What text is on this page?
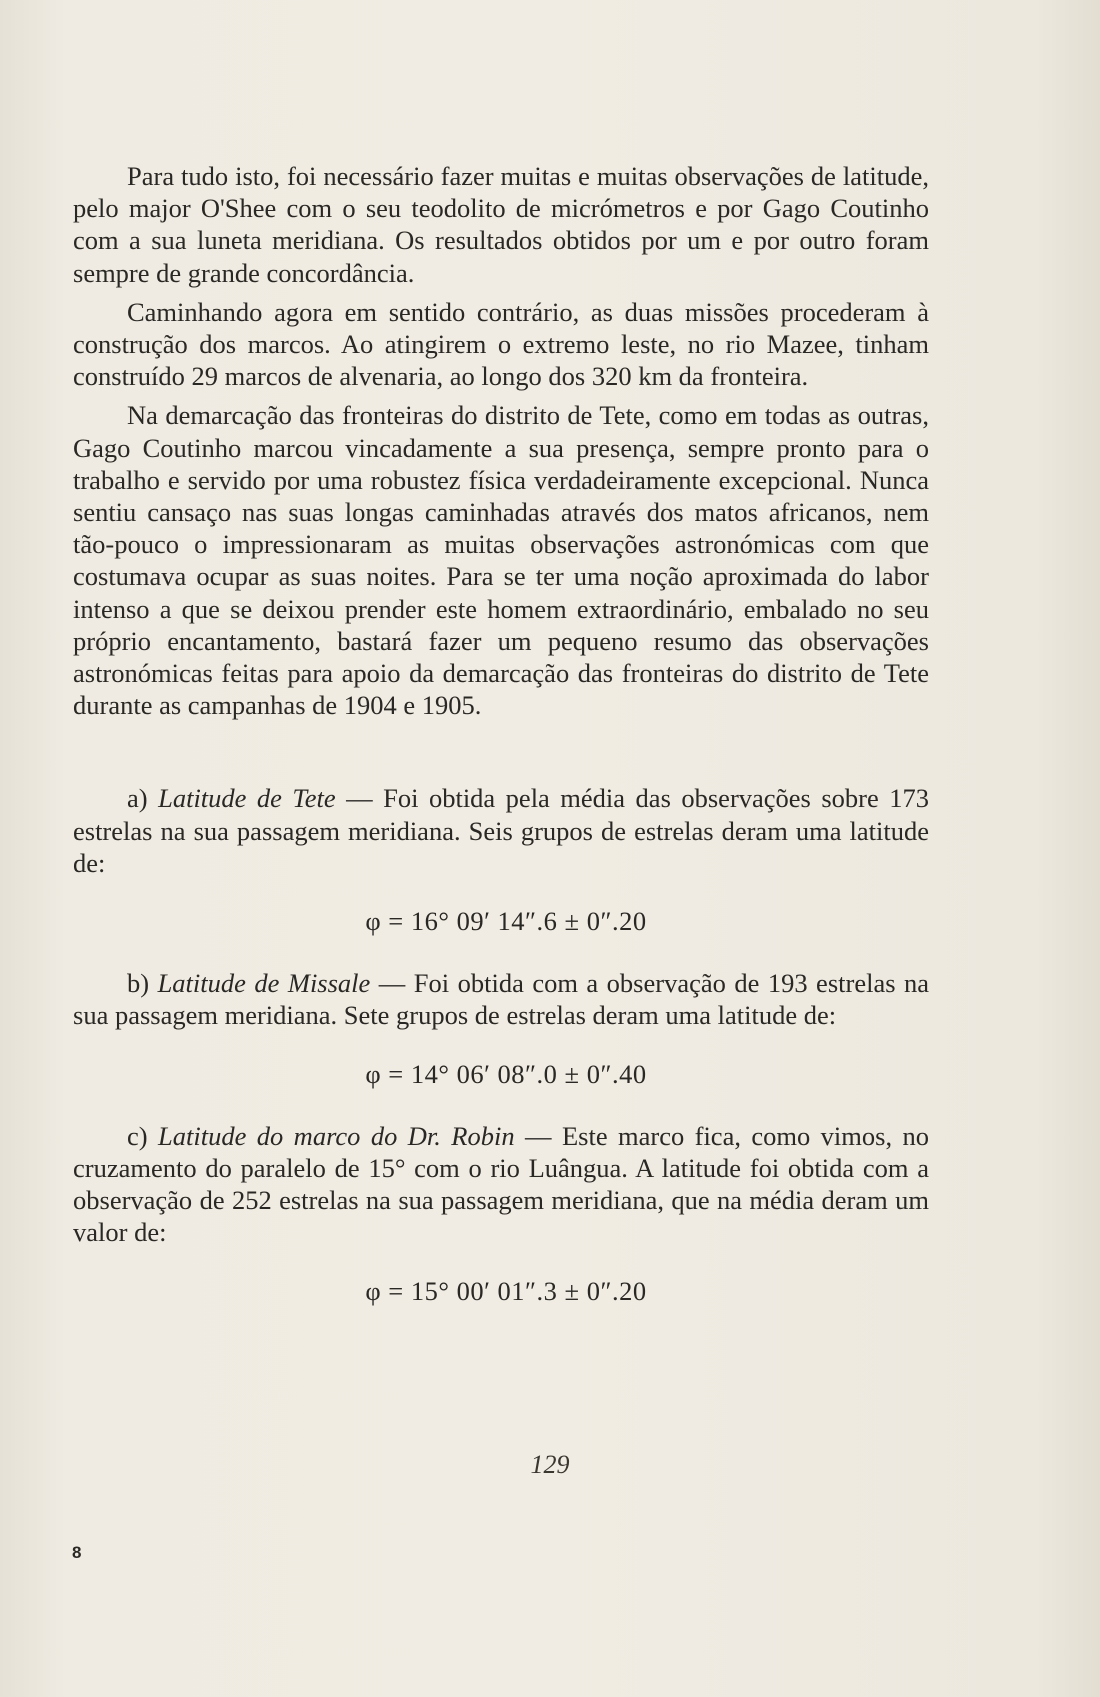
Para tudo isto, foi necessário fazer muitas e muitas observações de latitude, pelo major O'Shee com o seu teodolito de micrómetros e por Gago Coutinho com a sua luneta meridiana. Os resultados obtidos por um e por outro foram sempre de grande concordância.

Caminhando agora em sentido contrário, as duas missões procederam à construção dos marcos. Ao atingirem o extremo leste, no rio Mazee, tinham construído 29 marcos de alvenaria, ao longo dos 320 km da fronteira.

Na demarcação das fronteiras do distrito de Tete, como em todas as outras, Gago Coutinho marcou vincadamente a sua presença, sempre pronto para o trabalho e servido por uma robustez física verdadeiramente excepcional. Nunca sentiu cansaço nas suas longas caminhadas através dos matos africanos, nem tão-pouco o impressionaram as muitas observações astronómicas com que costumava ocupar as suas noites. Para se ter uma noção aproximada do labor intenso a que se deixou prender este homem extraordinário, embalado no seu próprio encantamento, bastará fazer um pequeno resumo das observações astronómicas feitas para apoio da demarcação das fronteiras do distrito de Tete durante as campanhas de 1904 e 1905.

a) Latitude de Tete — Foi obtida pela média das observações sobre 173 estrelas na sua passagem meridiana. Seis grupos de estrelas deram uma latitude de:

φ = 16° 09′ 14″.6 ± 0″.20

b) Latitude de Missale — Foi obtida com a observação de 193 estrelas na sua passagem meridiana. Sete grupos de estrelas deram uma latitude de:

φ = 14° 06′ 08″.0 ± 0″.40

c) Latitude do marco do Dr. Robin — Este marco fica, como vimos, no cruzamento do paralelo de 15° com o rio Luângua. A latitude foi obtida com a observação de 252 estrelas na sua passagem meridiana, que na média deram um valor de:

φ = 15° 00′ 01″.3 ± 0″.20
129
8
